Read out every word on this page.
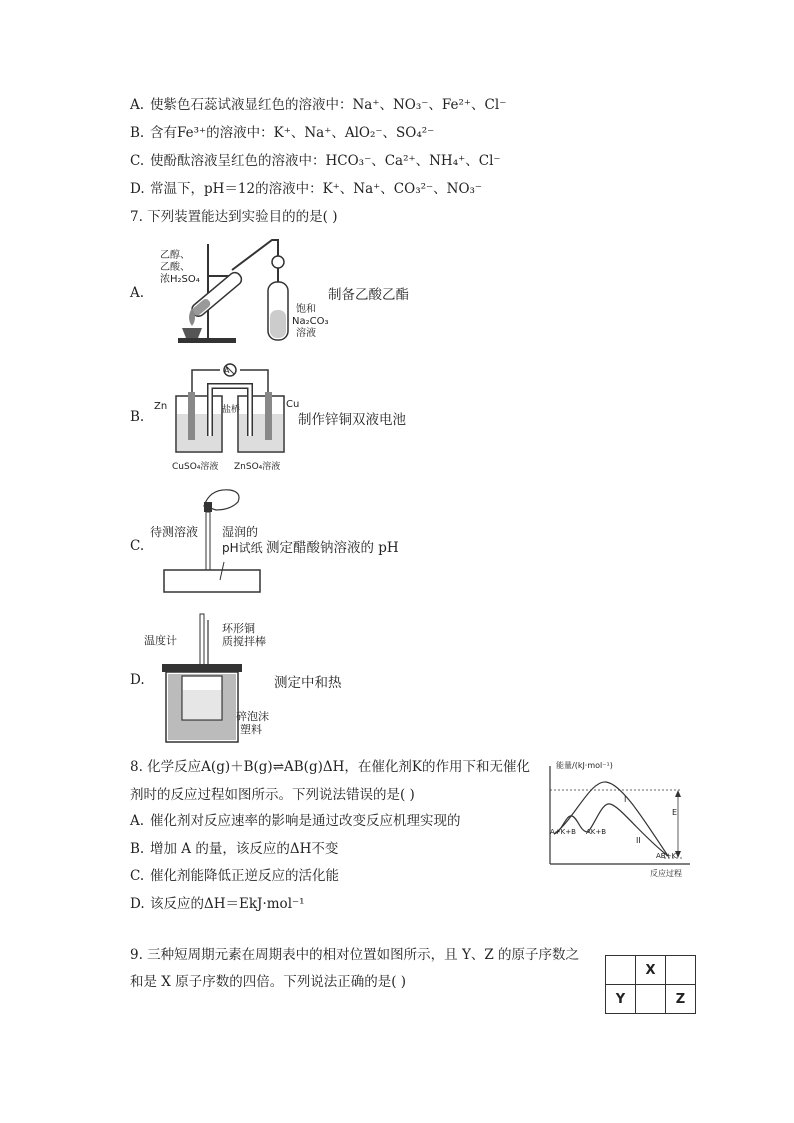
A. 使紫色石蕊试液显红色的溶液中：Na⁺、NO₃⁻、Fe²⁺、Cl⁻
B. 含有Fe³⁺的溶液中：K⁺、Na⁺、AlO₂⁻、SO₄²⁻
C. 使酚酞溶液呈红色的溶液中：HCO₃⁻、Ca²⁺、NH₄⁺、Cl⁻
D. 常温下，pH＝12的溶液中：K⁺、Na⁺、CO₃²⁻、NO₃⁻
7. 下列装置能达到实验目的的是( )
A.
乙醇、
乙酸、
浓H₂SO₄
饱和
Na₂CO₃
溶液
制备乙酸乙酯
B.
A
Zn	Cu
盐桥
CuSO₄溶液 ZnSO₄溶液
制作锌铜双液电池
C.
待测溶液 湿润的
pH试纸 测定醋酸钠溶液的 pH
D.
温度计
环形铜
质搅拌棒
碎泡沫
塑料
测定中和热
8. 化学反应A(g)＋B(g)⇌AB(g)ΔH，在催化剂K的作用下和无催化
剂时的反应过程如图所示。下列说法错误的是( )
A. 催化剂对反应速率的影响是通过改变反应机理实现的
B. 增加 A 的量，该反应的ΔH不变
C. 催化剂能降低正逆反应的活化能
D. 该反应的ΔH＝EkJ·mol⁻¹
能量/(kJ·mol⁻¹)
I
II
E
A+K+B AK+B
AB+K
反应过程
9. 三种短周期元素在周期表中的相对位置如图所示，且 Y、Z 的原子序数之
和是 X 原子序数的四倍。下列说法正确的是( )
	X	
Y		Z
